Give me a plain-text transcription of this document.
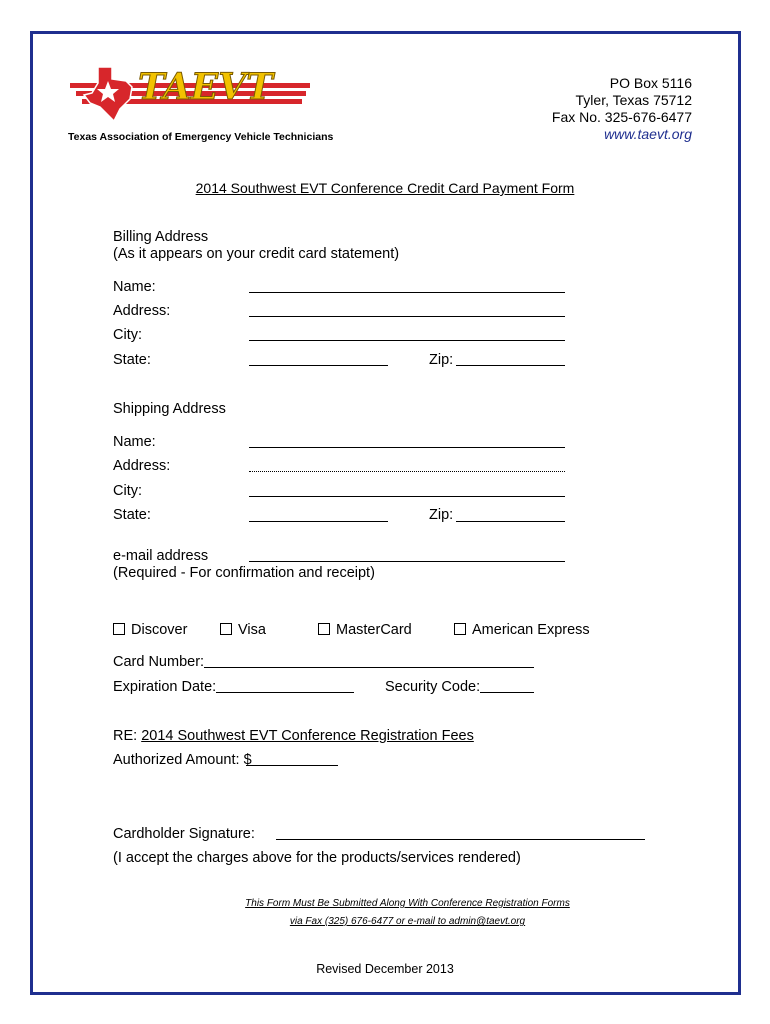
TAEVT
Texas Association of Emergency Vehicle Technicians
PO Box 5116
Tyler, Texas 75712
Fax No. 325-676-6477
www.taevt.org
2014 Southwest EVT Conference Credit Card Payment Form
Billing Address
(As it appears on your credit card statement)
Name:
Address:
City:
State:	Zip:
Shipping Address
Name:
Address:
City:
State:	Zip:
e-mail address
(Required - For confirmation and receipt)
Discover	Visa	MasterCard	American Express
Card Number:
Expiration Date:	Security Code:
RE: 2014 Southwest EVT Conference Registration Fees
Authorized Amount: $
Cardholder Signature:
(I accept the charges above for the products/services rendered)
This Form Must Be Submitted Along With Conference Registration Forms
via Fax (325) 676-6477 or e-mail to admin@taevt.org
Revised December 2013
